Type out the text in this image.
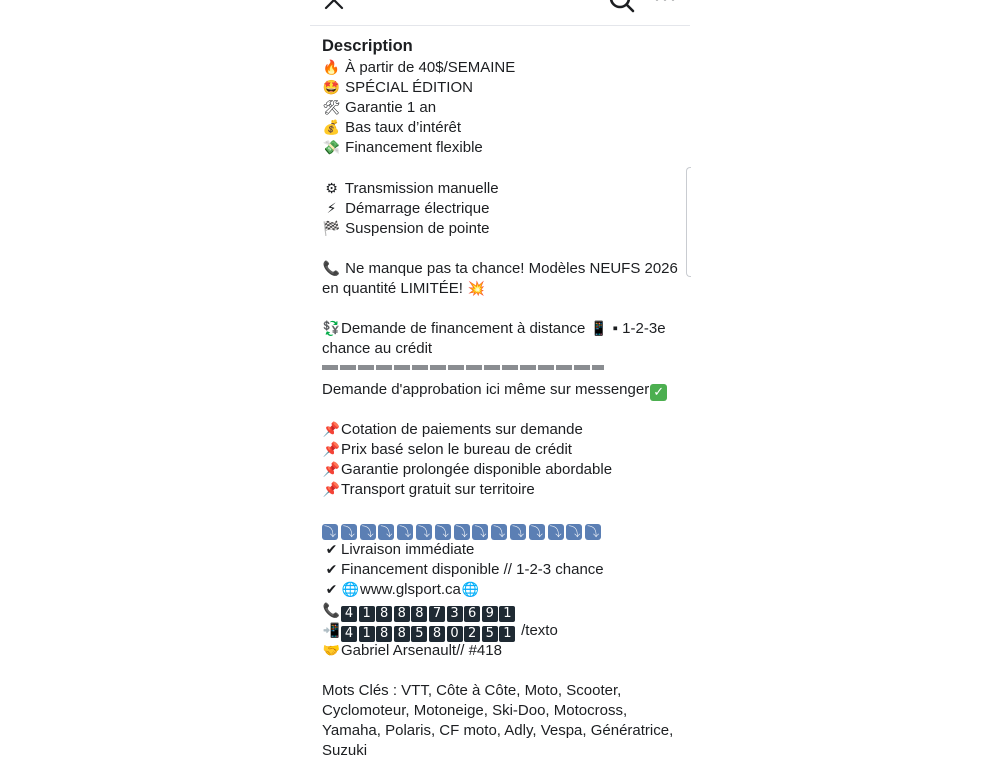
Description
🔥 À partir de 40$/SEMAINE
🤩 SPÉCIAL ÉDITION
🛠 Garantie 1 an
💰 Bas taux d’intérêt
💸 Financement flexible
⚙ Transmission manuelle
⚡ Démarrage électrique
🏁 Suspension de pointe
📞 Ne manque pas ta chance! Modèles NEUFS 2026
en quantité LIMITÉE! 💥
💱Demande de financement à distance 📱 ▪ 1-2-3e
chance au crédit
Demande d'approbation ici même sur messenger ✓
📌Cotation de paiements sur demande
📌Prix basé selon le bureau de crédit
📌Garantie prolongée disponible abordable
📌Transport gratuit sur territoire
⤵ ⤵ ⤵ ⤵ ⤵ ⤵ ⤵ ⤵ ⤵ ⤵ ⤵ ⤵ ⤵ ⤵ ⤵
✔ Livraison immédiate
✔ Financement disponible // 1-2-3 chance
✔ 🌐www.glsport.ca🌐
📞 4 1 8 8 8 7 3 6 9 1
📲 4 1 8 8 5 8 0 2 5 1 /texto
🤝Gabriel Arsenault// #418
Mots Clés : VTT, Côte à Côte, Moto, Scooter,
Cyclomoteur, Motoneige, Ski-Doo, Motocross,
Yamaha, Polaris, CF moto, Adly, Vespa, Génératrice,
Suzuki
